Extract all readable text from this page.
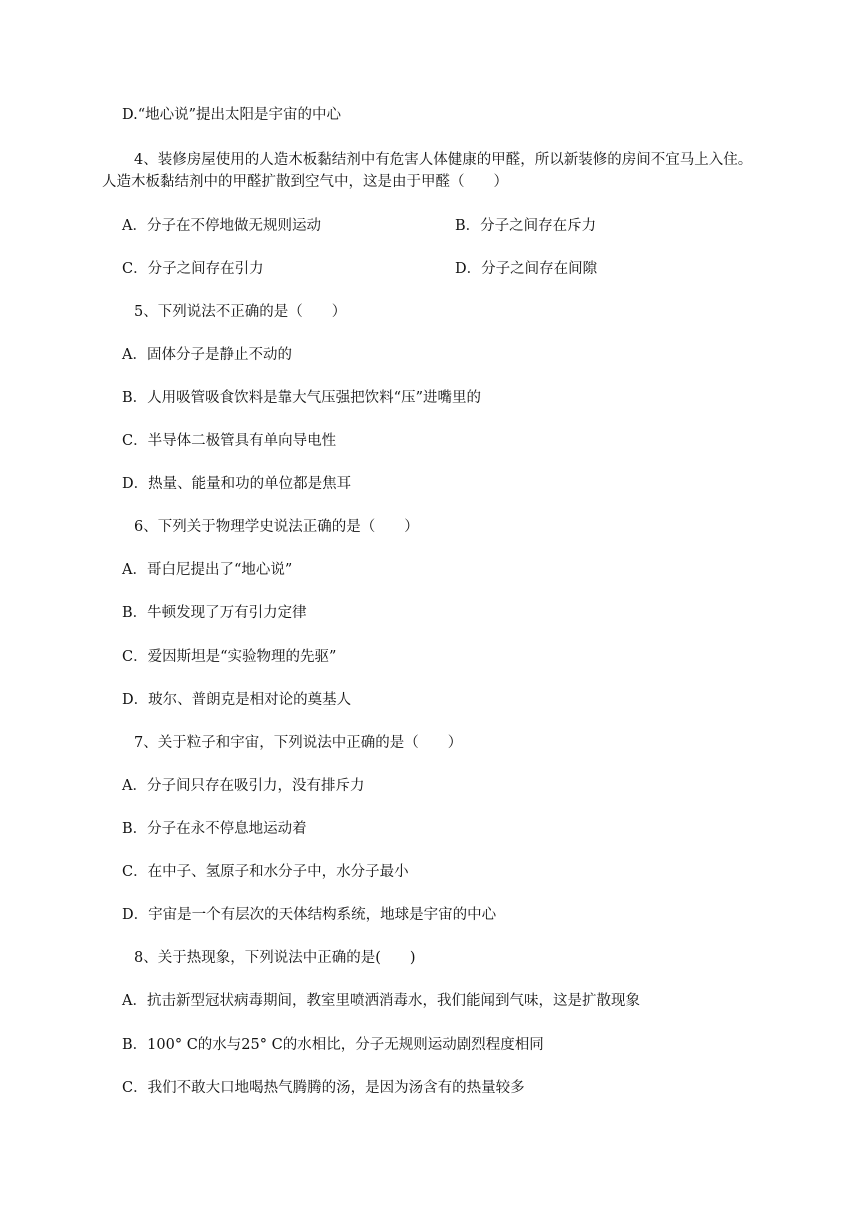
D.“地心说”提出太阳是宇宙的中心
4、装修房屋使用的人造木板黏结剂中有危害人体健康的甲醛，所以新装修的房间不宜马上入住。
人造木板黏结剂中的甲醛扩散到空气中，这是由于甲醛（　　）
A．分子在不停地做无规则运动	B．分子之间存在斥力
C．分子之间存在引力	D．分子之间存在间隙
5、下列说法不正确的是（　　）
A．固体分子是静止不动的
B．人用吸管吸食饮料是靠大气压强把饮料“压”进嘴里的
C．半导体二极管具有单向导电性
D．热量、能量和功的单位都是焦耳
6、下列关于物理学史说法正确的是（　　）
A．哥白尼提出了“地心说”
B．牛顿发现了万有引力定律
C．爱因斯坦是“实验物理的先驱”
D．玻尔、普朗克是相对论的奠基人
7、关于粒子和宇宙，下列说法中正确的是（　　）
A．分子间只存在吸引力，没有排斥力
B．分子在永不停息地运动着
C．在中子、氢原子和水分子中，水分子最小
D．宇宙是一个有层次的天体结构系统，地球是宇宙的中心
8、关于热现象，下列说法中正确的是(　　)
A．抗击新型冠状病毒期间，教室里喷洒消毒水，我们能闻到气味，这是扩散现象
B．100° C的水与25° C的水相比，分子无规则运动剧烈程度相同
C．我们不敢大口地喝热气腾腾的汤，是因为汤含有的热量较多
